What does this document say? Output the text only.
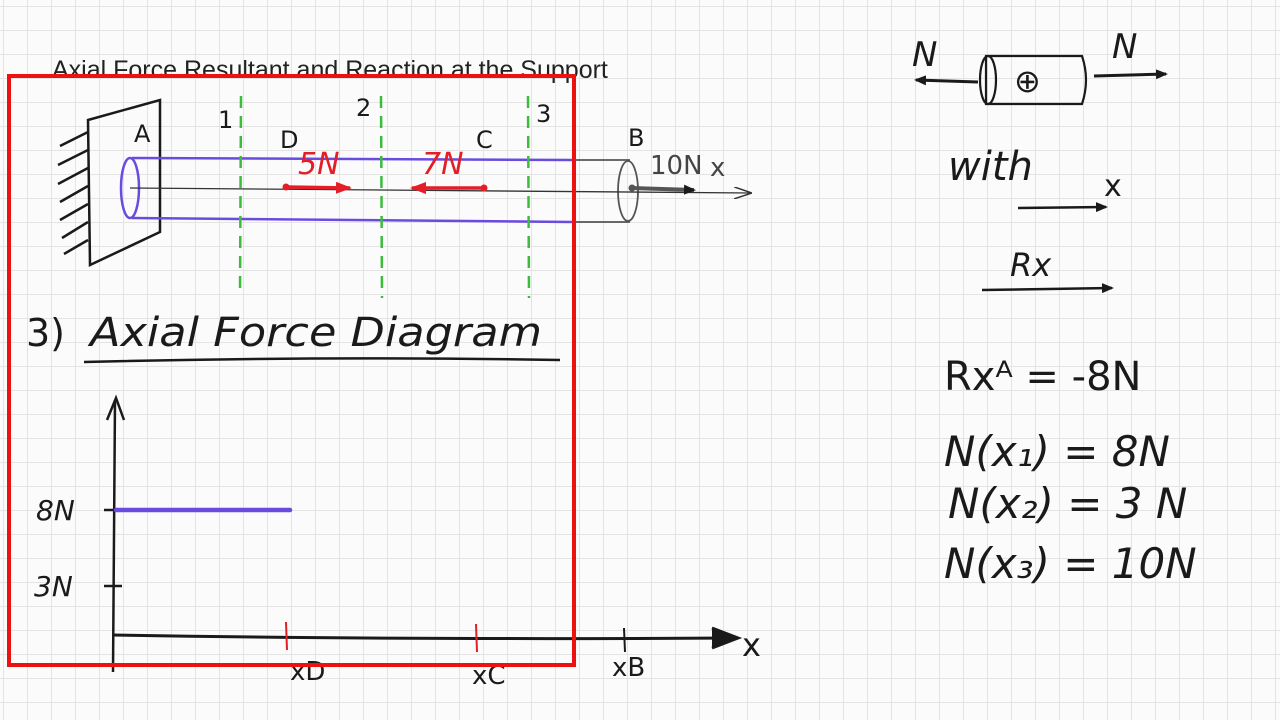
Axial Force Resultant and Reaction at the Support
A	1	2	3
D	C	B
5N	7N	10N x
3) Axial Force Diagram
x
8N
3N
xD	xC	xB
⊕
N	N
with x
Rx
Rxᴬ = -8N
N(x₁) = 8N
N(x₂) = 3 N
N(x₃) = 10N
